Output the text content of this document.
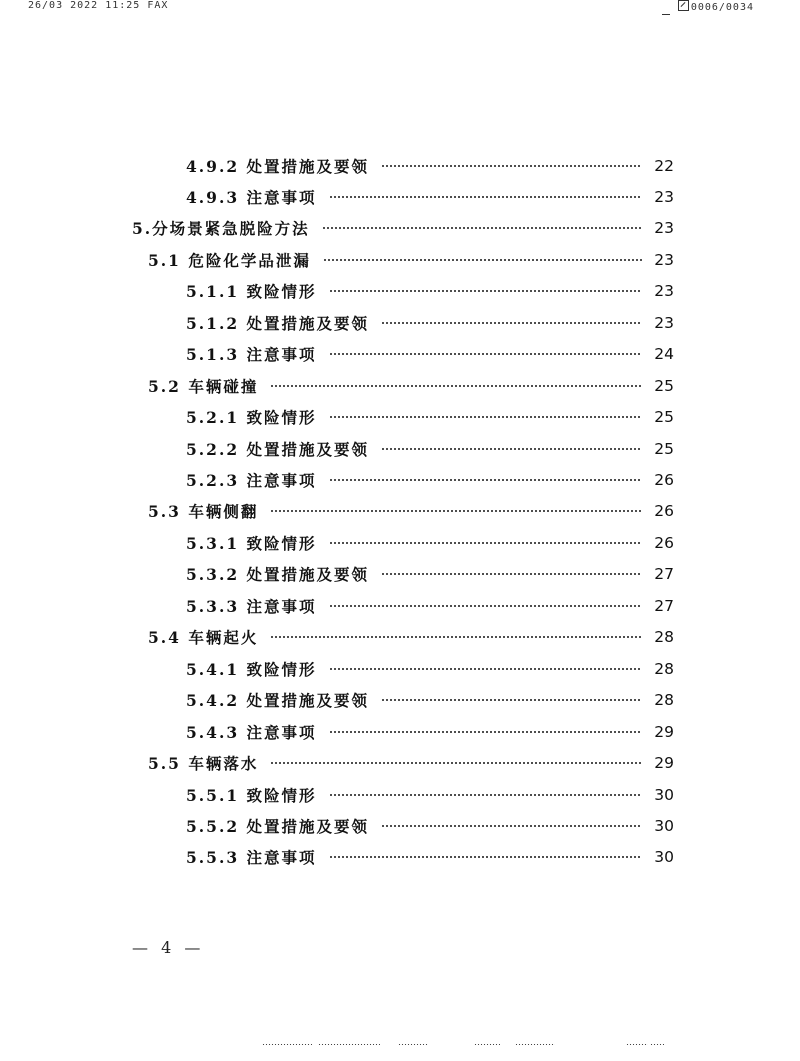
26/03 2022 11:25 FAX	0006/0034
4.9.2 处置措施及要领	22
4.9.3 注意事项	23
5.分场景紧急脱险方法	23
5.1 危险化学品泄漏	23
5.1.1 致险情形	23
5.1.2 处置措施及要领	23
5.1.3 注意事项	24
5.2 车辆碰撞	25
5.2.1 致险情形	25
5.2.2 处置措施及要领	25
5.2.3 注意事项	26
5.3 车辆侧翻	26
5.3.1 致险情形	26
5.3.2 处置措施及要领	27
5.3.3 注意事项	27
5.4 车辆起火	28
5.4.1 致险情形	28
5.4.2 处置措施及要领	28
5.4.3 注意事项	29
5.5 车辆落水	29
5.5.1 致险情形	30
5.5.2 处置措施及要领	30
5.5.3 注意事项	30
— 4 —
